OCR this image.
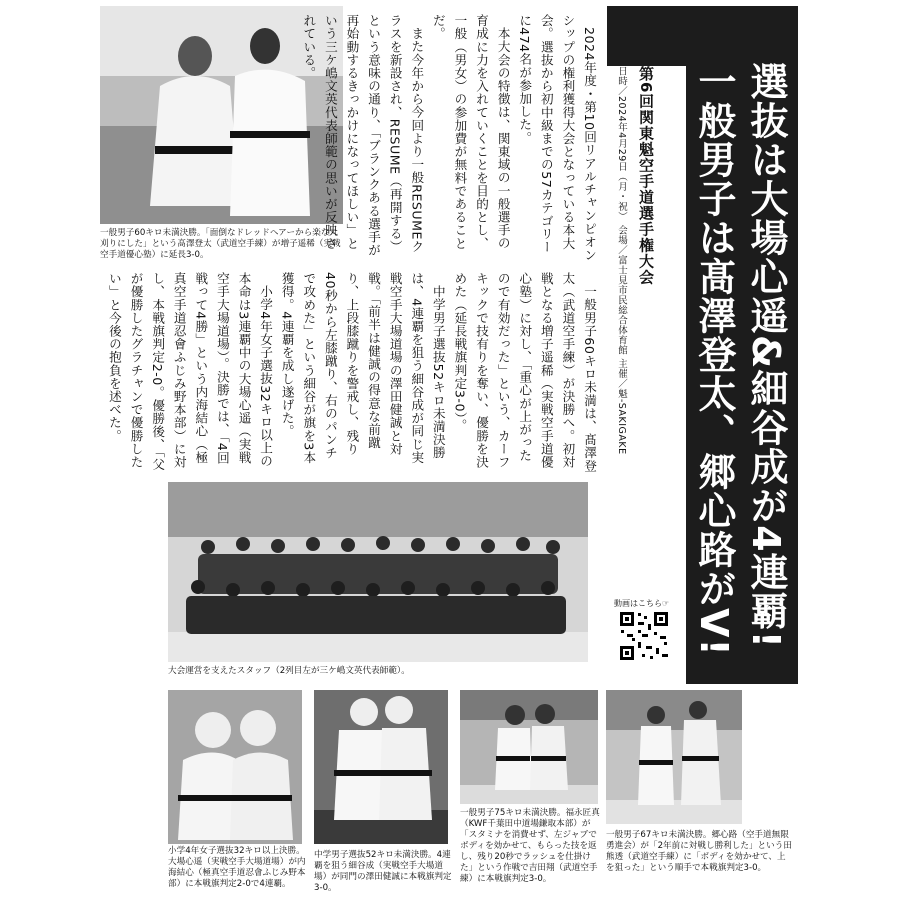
選抜は大場心遥&細谷成が4連覇!
一般男子は髙澤登太、郷心路がV!
第6回関東魁空手道選手権大会
日時／2024年4月29日（月・祝） 会場／富士見市民総合体育館 主催／魁-SAKIGAKE
動画はこちら☞
一般男子60キロ未満決勝。「面倒なドレッドヘアーから楽な丸刈りにした」という髙澤登太（武道空手練）が増子遥稀（実戦空手道優心塾）に延長3-0。	2024年度・第10回リアルチャンピオンシップの権利獲得大会となっている本大会。選抜から初中級までの57カテゴリーに474名が参加した。

本大会の特徴は、関東域の一般選手の育成に力を入れていくことを目的とし、一般（男女）の参加費が無料であることだ。

また今年から今回より一般RESUMEクラスを新設され、RESUME（再開する）という意味の通り、「ブランクある選手が再始動するきっかけになってほしい」という三ケ嶋文英代表師範の思いが反映されている。

一般男子60キロ未満は、髙澤登太（武道空手練）が決勝へ。初対戦となる増子遥稀（実戦空手道優心塾）に対し、「重心が上がったので有効だった」という、カーフキックで技有りを奪い、優勝を決めた（延長戦旗判定3-0）。

中学男子選抜52キロ未満決勝は、4連覇を狙う細谷成が同じ実戦空手大場道場の澤田健誠と対戦。「前半は健誠の得意な前蹴り、上段膝蹴りを警戒し、残り40秒から左膝蹴り、右のパンチで攻めた」という細谷が旗を3本獲得。4連覇を成し遂げた。

小学4年女子選抜32キロ以上の本命は3連覇中の大場心遥（実戦空手大場道場）。決勝では、「4回戦って4勝」という内海結心（極真空手道忍會ふじみ野本部）に対し、本戦旗判定2-0。優勝後、「父が優勝したグラチャンで優勝したい」と今後の抱負を述べた。

大会運営を支えたスタッフ（2列目左が三ケ嶋文英代表師範）。
小学4年女子選抜32キロ以上決勝。大場心遥（実戦空手大場道場）が内海結心（極真空手道忍會ふじみ野本部）に本戦旗判定2-0で4連覇。
中学男子選抜52キロ未満決勝。4連覇を狙う細谷成（実戦空手大場道場）が同門の澤田健誠に本戦旗判定3-0。
一般男子75キロ未満決勝。福永匠真（KWF千葉田中道場鎌取本部）が「スタミナを消費せず、左ジャブでボディを効かせて、もらった技を返し、残り20秒でラッシュを仕掛けた」という作戦で吉田翔（武道空手練）に本戦旗判定3-0。
一般男子67キロ未満決勝。郷心路（空手道無限勇進会）が「2年前に対戦し勝利した」という田熊透（武道空手練）に「ボディを効かせて、上を狙った」という順手で本戦旗判定3-0。
